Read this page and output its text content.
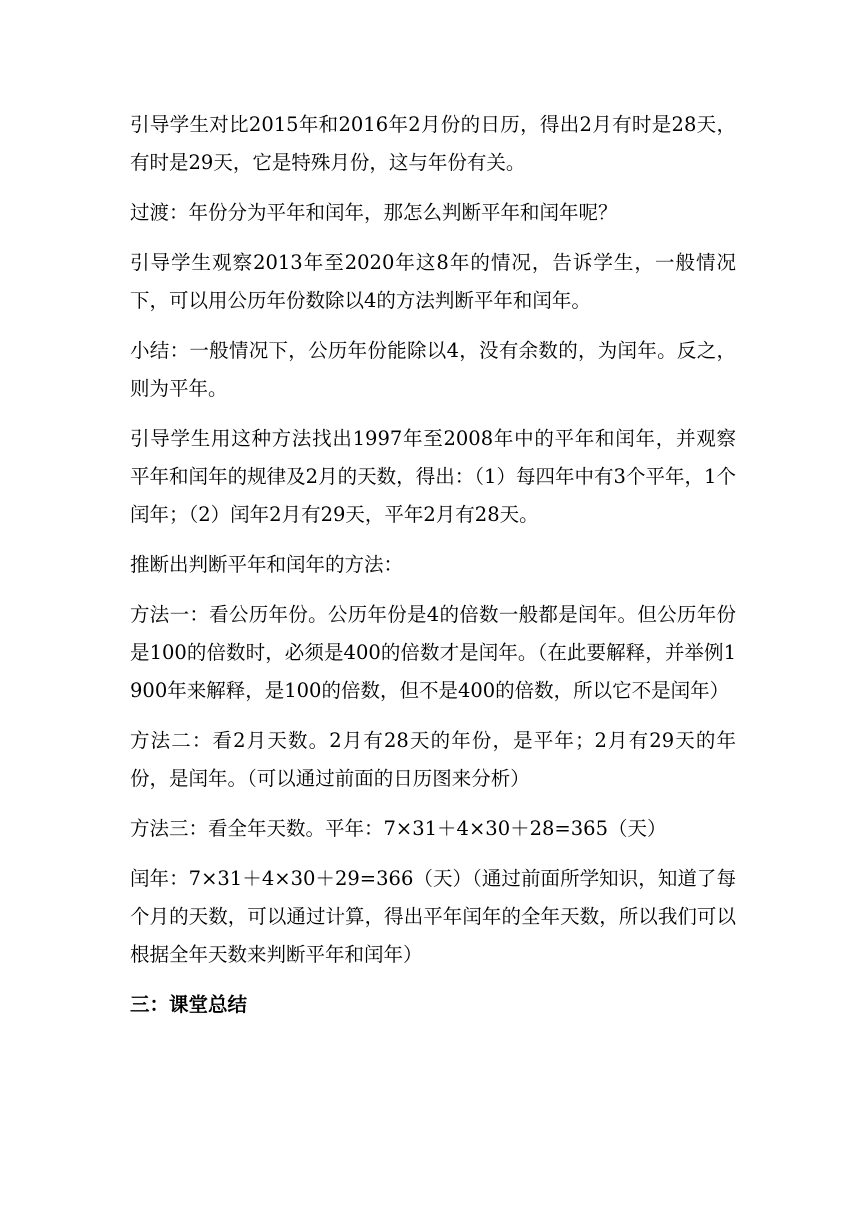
引导学生对比2015年和2016年2月份的日历，得出2月有时是28天，有时是29天，它是特殊月份，这与年份有关。

过渡：年份分为平年和闰年，那怎么判断平年和闰年呢？

引导学生观察2013年至2020年这8年的情况，告诉学生，一般情况下，可以用公历年份数除以4的方法判断平年和闰年。

小结：一般情况下，公历年份能除以4，没有余数的，为闰年。反之，则为平年。

引导学生用这种方法找出1997年至2008年中的平年和闰年，并观察平年和闰年的规律及2月的天数，得出：（1）每四年中有3个平年，1个闰年；（2）闰年2月有29天，平年2月有28天。

推断出判断平年和闰年的方法：

方法一：看公历年份。公历年份是4的倍数一般都是闰年。但公历年份是100的倍数时，必须是400的倍数才是闰年。（在此要解释，并举例1900年来解释，是100的倍数，但不是400的倍数，所以它不是闰年）

方法二：看2月天数。2月有28天的年份，是平年；2月有29天的年份，是闰年。（可以通过前面的日历图来分析）

方法三：看全年天数。平年：7×31＋4×30＋28=365（天）

闰年：7×31＋4×30＋29=366（天）（通过前面所学知识，知道了每个月的天数，可以通过计算，得出平年闰年的全年天数，所以我们可以根据全年天数来判断平年和闰年）

三：课堂总结
